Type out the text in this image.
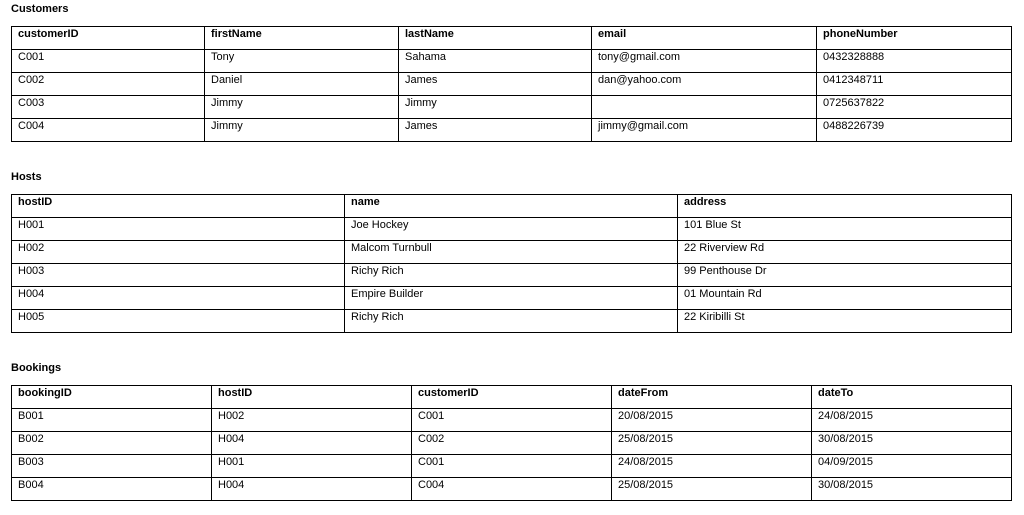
Customers
customerID	firstName	lastName	email	phoneNumber
C001	Tony	Sahama	tony@gmail.com	0432328888
C002	Daniel	James	dan@yahoo.com	0412348711
C003	Jimmy	Jimmy		0725637822
C004	Jimmy	James	jimmy@gmail.com	0488226739
Hosts
hostID	name	address
H001	Joe Hockey	101 Blue St
H002	Malcom Turnbull	22 Riverview Rd
H003	Richy Rich	99 Penthouse Dr
H004	Empire Builder	01 Mountain Rd
H005	Richy Rich	22 Kiribilli St
Bookings
bookingID	hostID	customerID	dateFrom	dateTo
B001	H002	C001	20/08/2015	24/08/2015
B002	H004	C002	25/08/2015	30/08/2015
B003	H001	C001	24/08/2015	04/09/2015
B004	H004	C004	25/08/2015	30/08/2015
